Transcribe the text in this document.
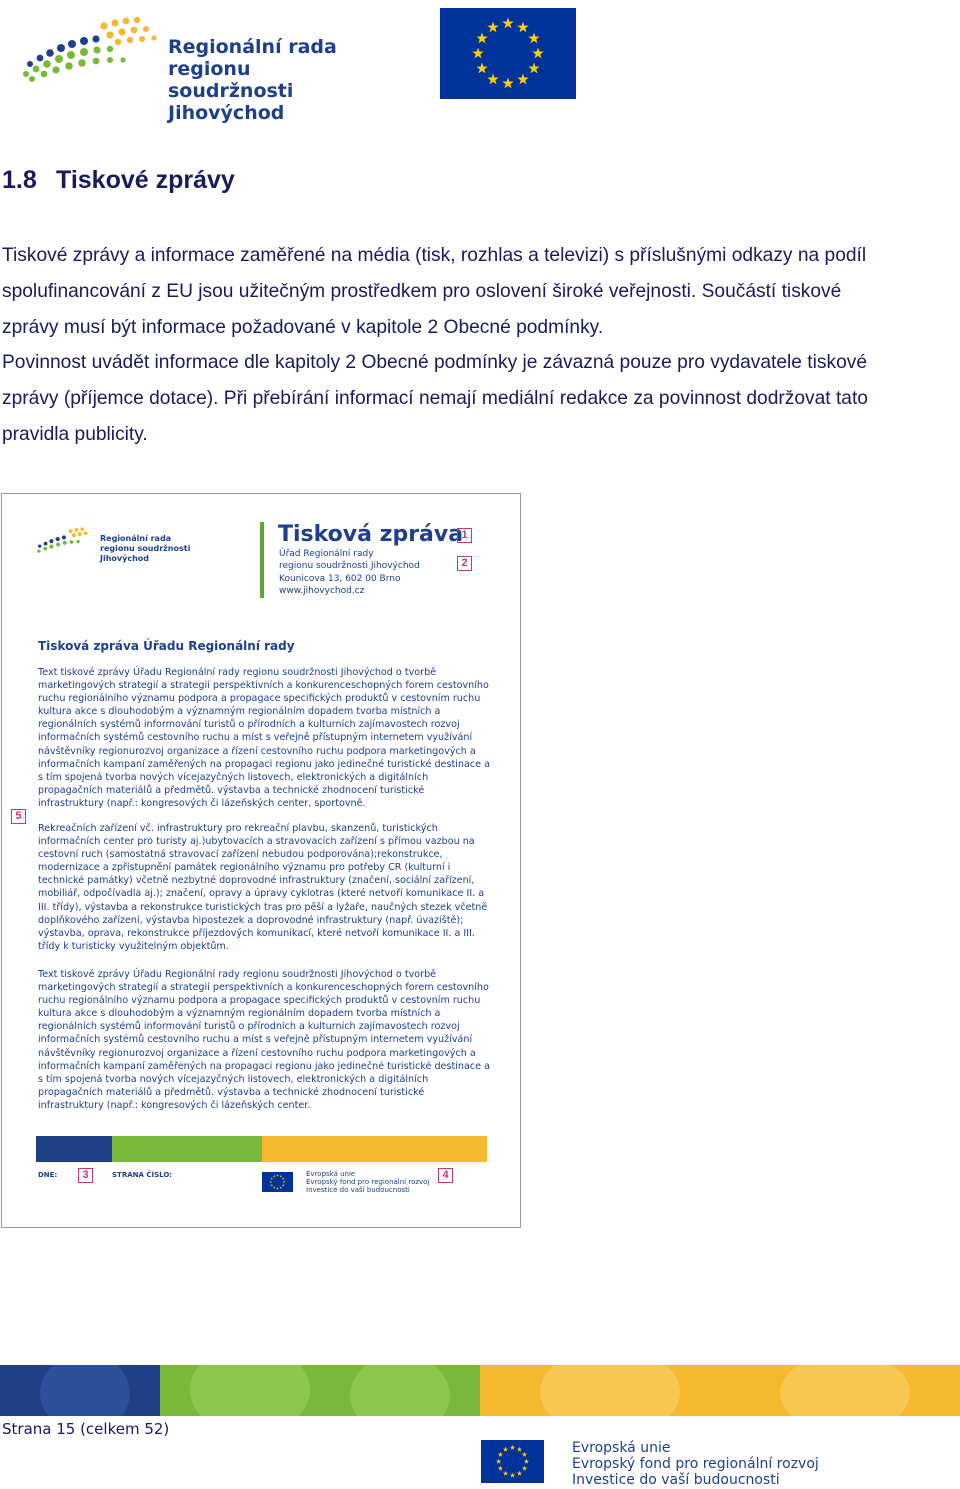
Regionální rada
regionu soudržnosti
Jihovýchod
1.8 Tiskové zprávy
Tiskové zprávy a informace zaměřené na média (tisk, rozhlas a televizi) s příslušnými odkazy na podíl
spolufinancování z EU jsou užitečným prostředkem pro oslovení široké veřejnosti. Součástí tiskové
zprávy musí být informace požadované v kapitole 2 Obecné podmínky.
Povinnost uvádět informace dle kapitoly 2 Obecné podmínky je závazná pouze pro vydavatele tiskové
zprávy (příjemce dotace). Při přebírání informací nemají mediální redakce za povinnost dodržovat tato
pravidla publicity.
Regionální rada
regionu soudržnosti
Jihovýchod
Tisková zpráva
Úřad Regionální rady
regionu soudržnosti Jihovýchod
Kounicova 13, 602 00 Brno
www.jihovychod.cz
1
2
5
Tisková zpráva Úřadu Regionální rady

Text tiskové zprávy Úřadu Regionální rady regionu soudržnosti Jihovýchod o tvorbě marketingových strategií a strategií perspektivních a konkurenceschopných forem cestovního ruchu regionálního významu podpora a propagace specifických produktů v cestovním ruchu kultura akce s dlouhodobým a významným regionálním dopadem tvorba místních a regionálních systémů informování turistů o přírodních a kulturních zajímavostech rozvoj informačních systémů cestovního ruchu a míst s veřejně přístupným internetem využívání návštěvníky regionurozvoj organizace a řízení cestovního ruchu podpora marketingových a informačních kampaní zaměřených na propagaci regionu jako jedinečné turistické destinace a s tím spojená tvorba nových vícejazyčných listovech, elektronických a digitálních propagačních materiálů a předmětů. výstavba a technické zhodnocení turistické infrastruktury (např.: kongresových či lázeňských center, sportovně.

Rekreačních zařízení vč. infrastruktury pro rekreační plavbu, skanzenů, turistických informačních center pro turisty aj.)ubytovacích a stravovacích zařízení s přímou vazbou na cestovní ruch (samostatná stravovací zařízení nebudou podporována);rekonstrukce, modernizace a zpřístupnění památek regionálního významu pro potřeby CR (kulturní i technické památky) včetně nezbytné doprovodné infrastruktury (značení, sociální zařízení, mobiliář, odpočívadla aj.); značení, opravy a úpravy cyklotras (které netvoří komunikace II. a III. třídy), výstavba a rekonstrukce turistických tras pro pěší a lyžaře, naučných stezek včetně doplňkového zařízení, výstavba hipostezek a doprovodné infrastruktury (např. úvaziště); výstavba, oprava, rekonstrukce příjezdových komunikací, které netvoří komunikace II. a III. třídy k turisticky využitelným objektům.

Text tiskové zprávy Úřadu Regionální rady regionu soudržnosti Jihovýchod o tvorbě marketingových strategií a strategií perspektivních a konkurenceschopných forem cestovního ruchu regionálního významu podpora a propagace specifických produktů v cestovním ruchu kultura akce s dlouhodobým a významným regionálním dopadem tvorba místních a regionálních systémů informování turistů o přírodních a kulturních zajímavostech rozvoj informačních systémů cestovního ruchu a míst s veřejně přístupným internetem využívání návštěvníky regionurozvoj organizace a řízení cestovního ruchu podpora marketingových a informačních kampaní zaměřených na propagaci regionu jako jedinečné turistické destinace a s tím spojená tvorba nových vícejazyčných listovech, elektronických a digitálních propagačních materiálů a předmětů. výstavba a technické zhodnocení turistické infrastruktury (např.: kongresových či lázeňských center.

DNE:	3	STRANA ČÍSLO:	Evropská unie
Evropský fond pro regionální rozvoj
Investice do vaší budoucnosti
4
Strana 15 (celkem 52)
Evropská unie
Evropský fond pro regionální rozvoj
Investice do vaší budoucnosti
